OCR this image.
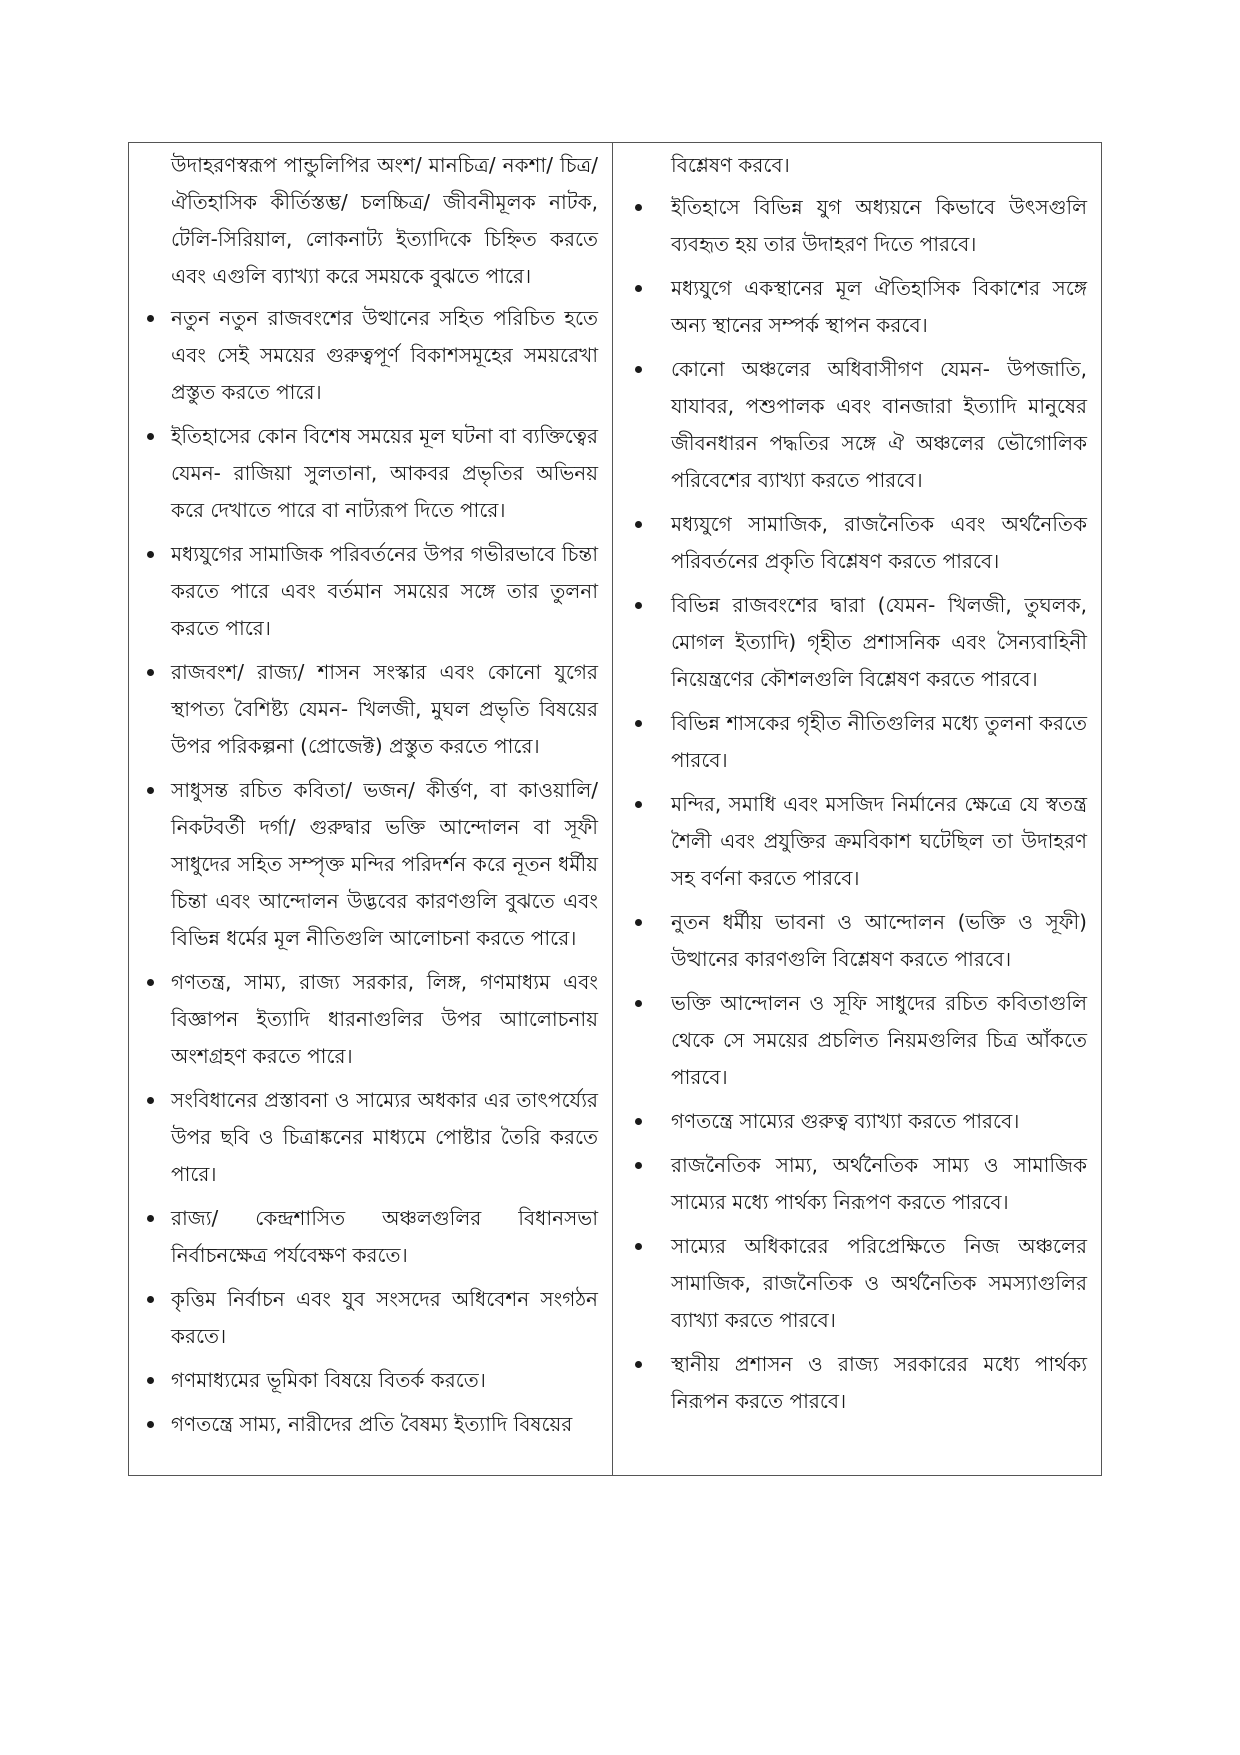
উদাহরণস্বরূপ পান্ডুলিপির অংশ/ মানচিত্র/ নকশা/ চিত্র/ ঐতিহাসিক কীর্তিস্তম্ভ/ চলচ্চিত্র/ জীবনীমূলক নাটক, টেলি-সিরিয়াল, লোকনাট্য ইত্যাদিকে চিহ্নিত করতে এবং এগুলি ব্যাখ্যা করে সময়কে বুঝতে পারে।
নতুন নতুন রাজবংশের উত্থানের সহিত পরিচিত হতে এবং সেই সময়ের গুরুত্বপূর্ণ বিকাশসমূহের সময়রেখা প্রস্তুত করতে পারে।
ইতিহাসের কোন বিশেষ সময়ের মূল ঘটনা বা ব্যক্তিত্বের যেমন- রাজিয়া সুলতানা, আকবর প্রভৃতির অভিনয় করে দেখাতে পারে বা নাট্যরূপ দিতে পারে।
মধ্যযুগের সামাজিক পরিবর্তনের উপর গভীরভাবে চিন্তা করতে পারে এবং বর্তমান সময়ের সঙ্গে তার তুলনা করতে পারে।
রাজবংশ/ রাজ্য/ শাসন সংস্কার এবং কোনো যুগের স্থাপত্য বৈশিষ্ট্য যেমন- খিলজী, মুঘল প্রভৃতি বিষয়ের উপর পরিকল্পনা (প্রোজেক্ট) প্রস্তুত করতে পারে।
সাধুসন্ত রচিত কবিতা/ ভজন/ কীর্ত্তণ, বা কাওয়ালি/ নিকটবর্তী দর্গা/ গুরুদ্বার ভক্তি আন্দোলন বা সূফী সাধুদের সহিত সম্পৃক্ত মন্দির পরিদর্শন করে নূতন ধর্মীয় চিন্তা এবং আন্দোলন উদ্ভবের কারণগুলি বুঝতে এবং বিভিন্ন ধর্মের মূল নীতিগুলি আলোচনা করতে পারে।
গণতন্ত্র, সাম্য, রাজ্য সরকার, লিঙ্গ, গণমাধ্যম এবং বিজ্ঞাপন ইত্যাদি ধারনাগুলির উপর আালোচনায় অংশগ্রহণ করতে পারে।
সংবিধানের প্রস্তাবনা ও সাম্যের অধকার এর তাৎপর্য্যের উপর ছবি ও চিত্রাঙ্কনের মাধ্যমে পোষ্টার তৈরি করতে পারে।
রাজ্য/ কেন্দ্রশাসিত অঞ্চলগুলির বিধানসভা নির্বাচনক্ষেত্র পর্যবেক্ষণ করতে।
কৃত্তিম নির্বাচন এবং যুব সংসদের অধিবেশন সংগঠন করতে।
গণমাধ্যমের ভূমিকা বিষয়ে বিতর্ক করতে।
গণতন্ত্রে সাম্য, নারীদের প্রতি বৈষম্য ইত্যাদি বিষয়ের
বিশ্লেষণ করবে।
ইতিহাসে বিভিন্ন যুগ অধ্যয়নে কিভাবে উৎসগুলি ব্যবহৃত হয় তার উদাহরণ দিতে পারবে।
মধ্যযুগে একস্থানের মূল ঐতিহাসিক বিকাশের সঙ্গে অন্য স্থানের সম্পর্ক স্থাপন করবে।
কোনো অঞ্চলের অধিবাসীগণ যেমন- উপজাতি, যাযাবর, পশুপালক এবং বানজারা ইত্যাদি মানুষের জীবনধারন পদ্ধতির সঙ্গে ঐ অঞ্চলের ভৌগোলিক পরিবেশের ব্যাখ্যা করতে পারবে।
মধ্যযুগে সামাজিক, রাজনৈতিক এবং অর্থনৈতিক পরিবর্তনের প্রকৃতি বিশ্লেষণ করতে পারবে।
বিভিন্ন রাজবংশের দ্বারা (যেমন- খিলজী, তুঘলক, মোগল ইত্যাদি) গৃহীত প্রশাসনিক এবং সৈন্যবাহিনী নিয়েন্ত্রণের কৌশলগুলি বিশ্লেষণ করতে পারবে।
বিভিন্ন শাসকের গৃহীত নীতিগুলির মধ্যে তুলনা করতে পারবে।
মন্দির, সমাধি এবং মসজিদ নির্মানের ক্ষেত্রে যে স্বতন্ত্র শৈলী এবং প্রযুক্তির ক্রমবিকাশ ঘটেছিল তা উদাহরণ সহ বর্ণনা করতে পারবে।
নুতন ধর্মীয় ভাবনা ও আন্দোলন (ভক্তি ও সূফী) উত্থানের কারণগুলি বিশ্লেষণ করতে পারবে।
ভক্তি আন্দোলন ও সূফি সাধুদের রচিত কবিতাগুলি থেকে সে সময়ের প্রচলিত নিয়মগুলির চিত্র আঁকতে পারবে।
গণতন্ত্রে সাম্যের গুরুত্ব ব্যাখ্যা করতে পারবে।
রাজনৈতিক সাম্য, অর্থনৈতিক সাম্য ও সামাজিক সাম্যের মধ্যে পার্থক্য নিরূপণ করতে পারবে।
সাম্যের অধিকারের পরিপ্রেক্ষিতে নিজ অঞ্চলের সামাজিক, রাজনৈতিক ও অর্থনৈতিক সমস্যাগুলির ব্যাখ্যা করতে পারবে।
স্থানীয় প্রশাসন ও রাজ্য সরকারের মধ্যে পার্থক্য নিরূপন করতে পারবে।
